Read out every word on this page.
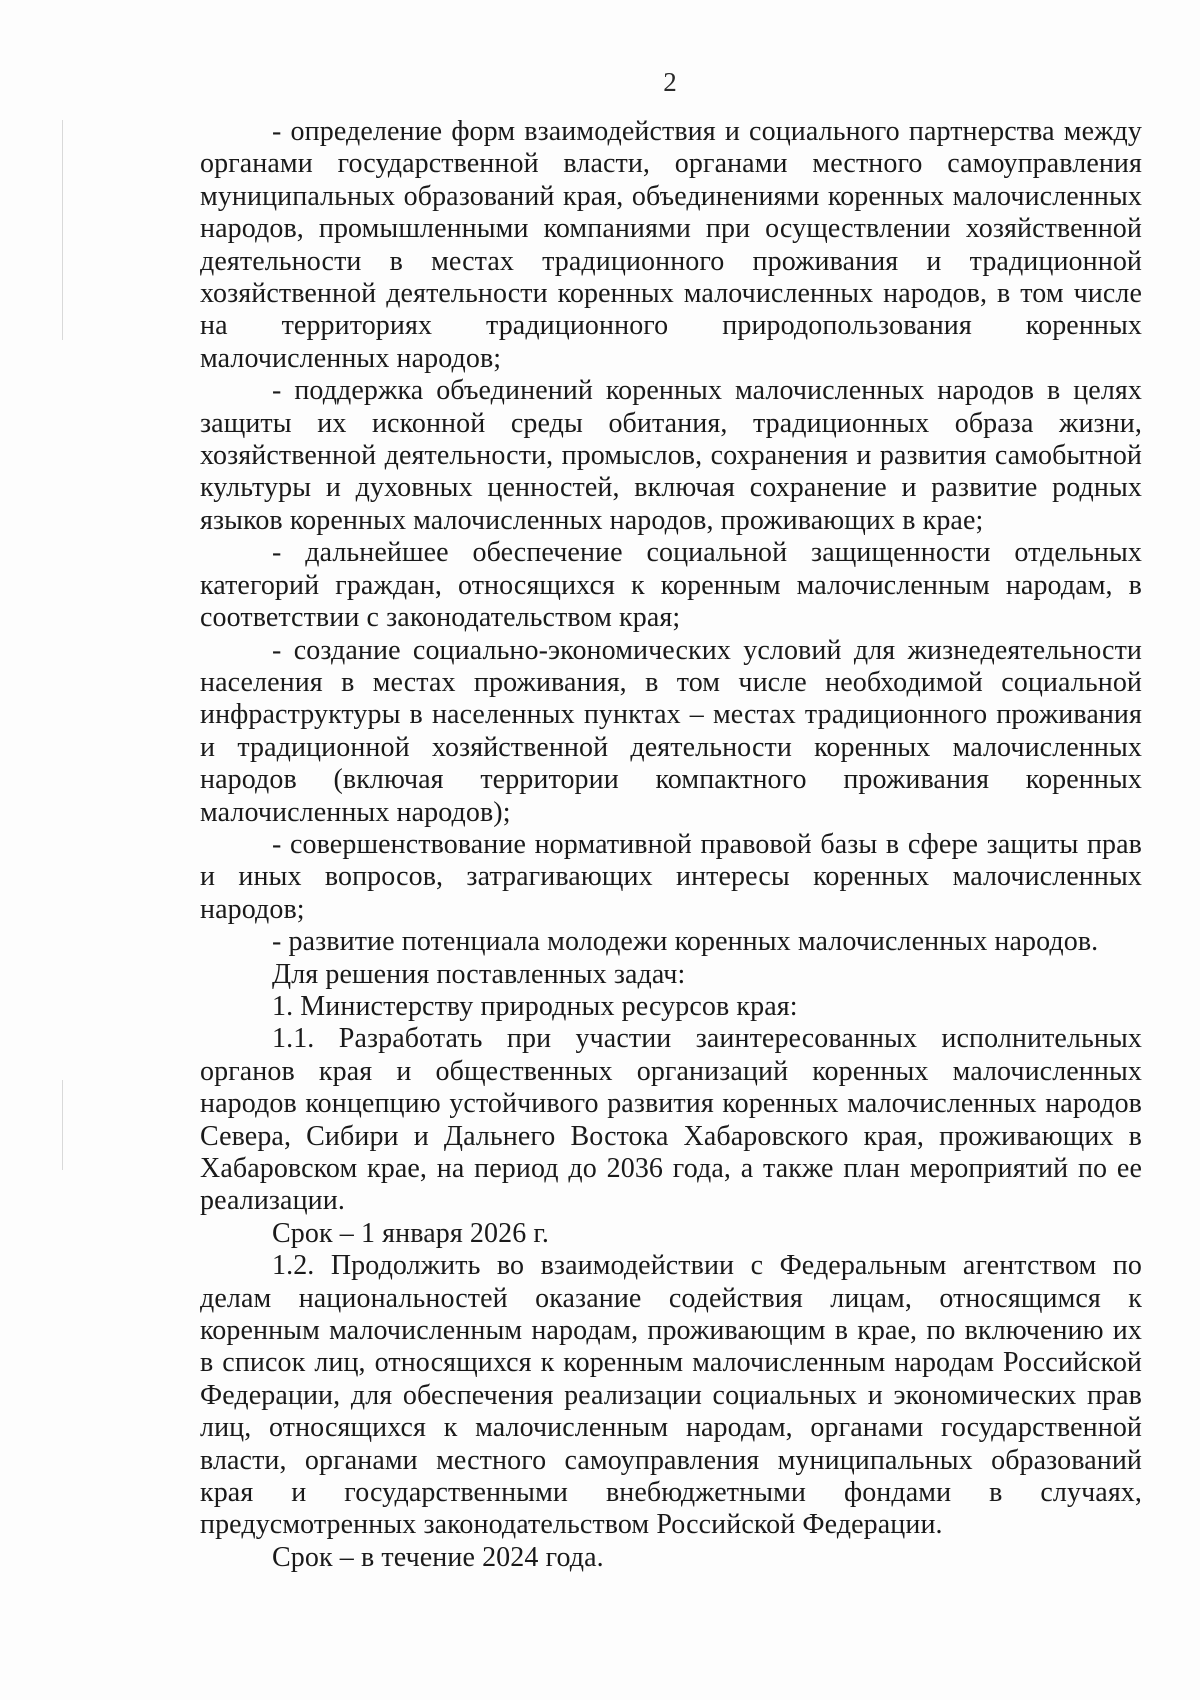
2

- определение форм взаимодействия и социального партнерства между органами государственной власти, органами местного самоуправления муниципальных образований края, объединениями коренных малочисленных народов, промышленными компаниями при осуществлении хозяйственной деятельности в местах традиционного проживания и традиционной хозяйственной деятельности коренных малочисленных народов, в том числе на территориях традиционного природопользования коренных малочисленных народов;

- поддержка объединений коренных малочисленных народов в целях защиты их исконной среды обитания, традиционных образа жизни, хозяйственной деятельности, промыслов, сохранения и развития самобытной культуры и духовных ценностей, включая сохранение и развитие родных языков коренных малочисленных народов, проживающих в крае;

- дальнейшее обеспечение социальной защищенности отдельных категорий граждан, относящихся к коренным малочисленным народам, в соответствии с законодательством края;

- создание социально-экономических условий для жизнедеятельности населения в местах проживания, в том числе необходимой социальной инфраструктуры в населенных пунктах – местах традиционного проживания и традиционной хозяйственной деятельности коренных малочисленных народов (включая территории компактного проживания коренных малочисленных народов);

- совершенствование нормативной правовой базы в сфере защиты прав и иных вопросов, затрагивающих интересы коренных малочисленных народов;

- развитие потенциала молодежи коренных малочисленных народов.

Для решения поставленных задач:

1. Министерству природных ресурсов края:

1.1. Разработать при участии заинтересованных исполнительных органов края и общественных организаций коренных малочисленных народов концепцию устойчивого развития коренных малочисленных народов Севера, Сибири и Дальнего Востока Хабаровского края, проживающих в Хабаровском крае, на период до 2036 года, а также план мероприятий по ее реализации.

Срок – 1 января 2026 г.

1.2. Продолжить во взаимодействии с Федеральным агентством по делам национальностей оказание содействия лицам, относящимся к коренным малочисленным народам, проживающим в крае, по включению их в список лиц, относящихся к коренным малочисленным народам Российской Федерации, для обеспечения реализации социальных и экономических прав лиц, относящихся к малочисленным народам, органами государственной власти, органами местного самоуправления муниципальных образований края и государственными внебюджетными фондами в случаях, предусмотренных законодательством Российской Федерации.

Срок – в течение 2024 года.
